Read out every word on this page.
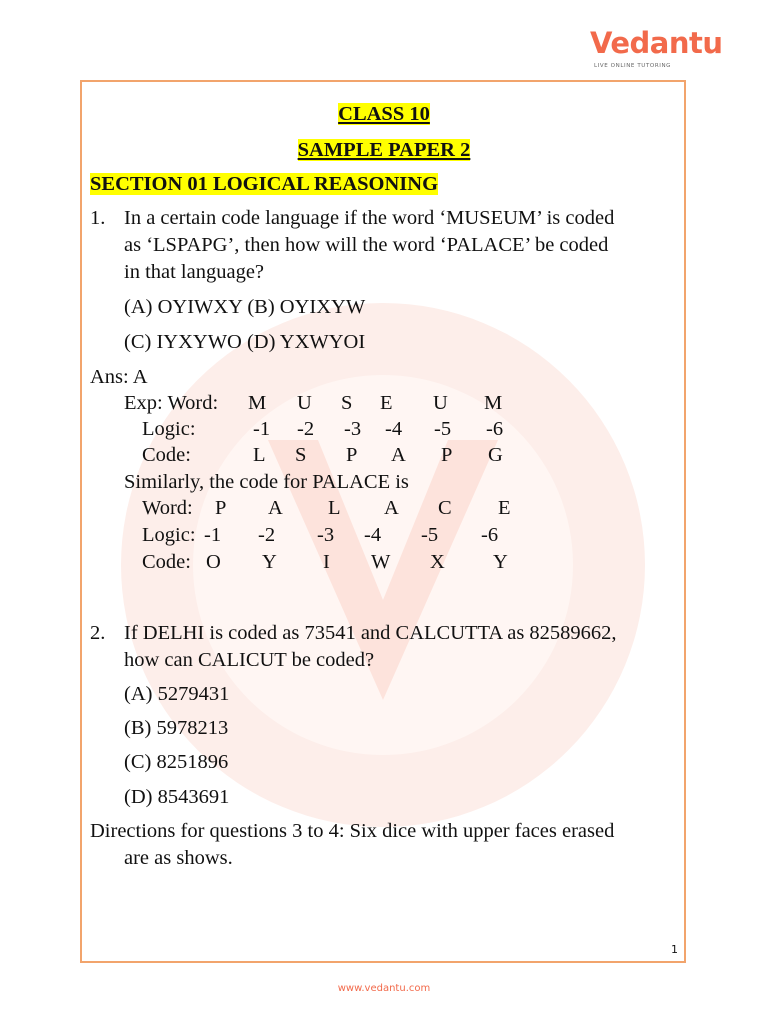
Vedantu
LIVE ONLINE TUTORING
CLASS 10
SAMPLE PAPER 2
SECTION 01 LOGICAL REASONING
1. In a certain code language if the word ‘MUSEUM’ is coded
as ‘LSPAPG’, then how will the word ‘PALACE’ be coded
in that language?
(A) OYIWXY (B) OYIXYW
(C) IYXYWO (D) YXWYOI
Ans: A
Exp: Word: M U S E U M
Logic:	-1 -2 -3 -4 -5 -6
Code:	L S P A P G
Similarly, the code for PALACE is
Word: P A L A C E
Logic: -1 -2 -3 -4 -5 -6
Code: O Y I W X Y
2. If DELHI is coded as 73541 and CALCUTTA as 82589662,
how can CALICUT be coded?
(A) 5279431
(B) 5978213
(C) 8251896
(D) 8543691
Directions for questions 3 to 4: Six dice with upper faces erased
are as shows.
1
www.vedantu.com
